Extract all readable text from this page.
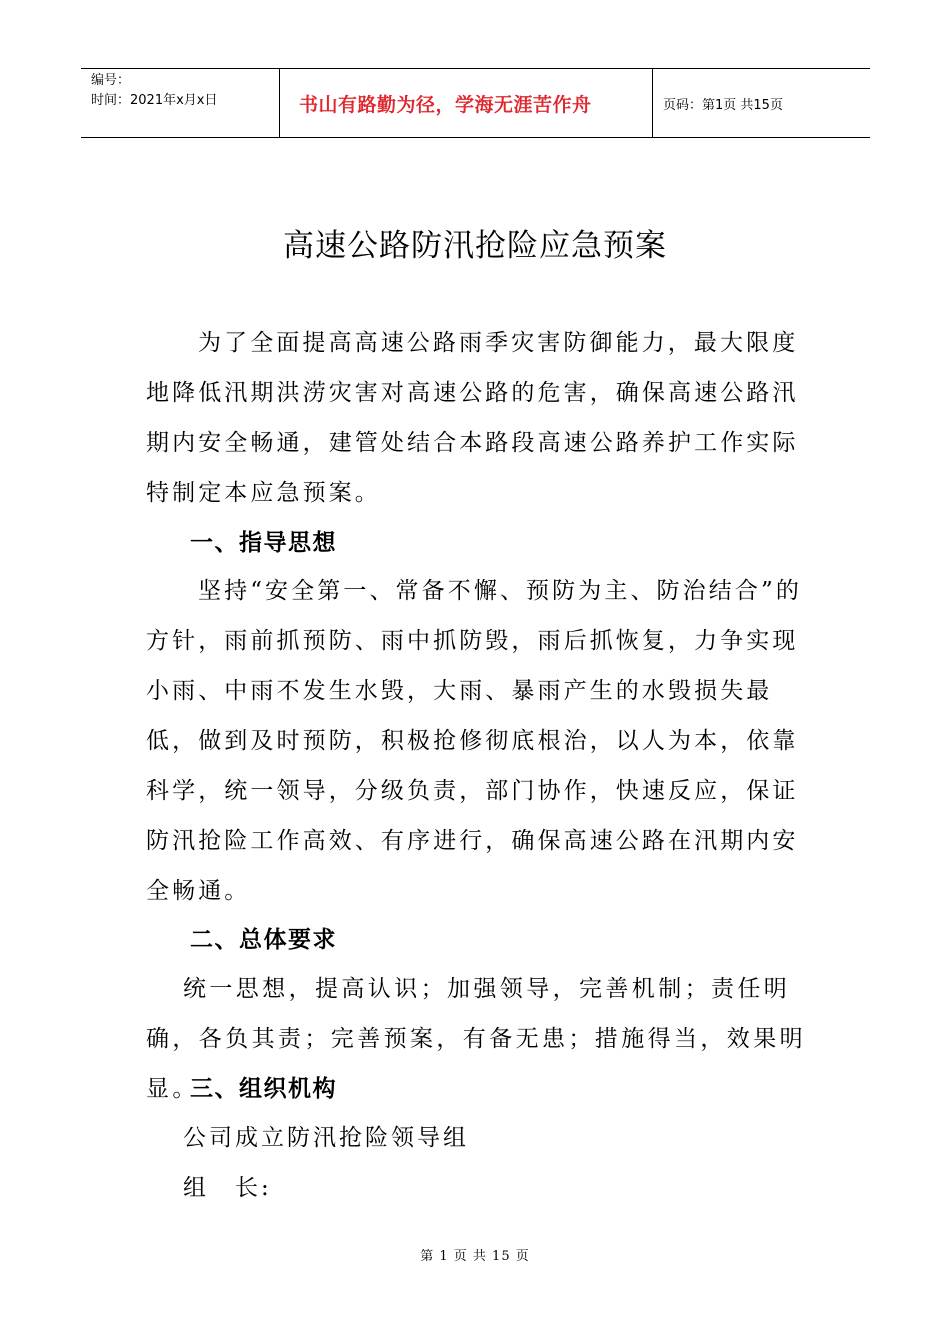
编号：
时间：2021年x月x日	书山有路勤为径，学海无涯苦作舟	页码：第1页 共15页
高速公路防汛抢险应急预案

为了全面提高高速公路雨季灾害防御能力，最大限度地降低汛期洪涝灾害对高速公路的危害，确保高速公路汛期内安全畅通，建管处结合本路段高速公路养护工作实际特制定本应急预案。

一、指导思想

坚持“安全第一、常备不懈、预防为主、防治结合”的方针，雨前抓预防、雨中抓防毁，雨后抓恢复，力争实现小雨、中雨不发生水毁，大雨、暴雨产生的水毁损失最低，做到及时预防，积极抢修彻底根治，以人为本，依靠科学，统一领导，分级负责，部门协作，快速反应，保证防汛抢险工作高效、有序进行，确保高速公路在汛期内安全畅通。

二、总体要求

统一思想，提高认识；加强领导，完善机制；责任明确，各负其责；完善预案，有备无患；措施得当，效果明显。

三、组织机构
公司成立防汛抢险领导组
组　长:
第 1 页 共 15 页
